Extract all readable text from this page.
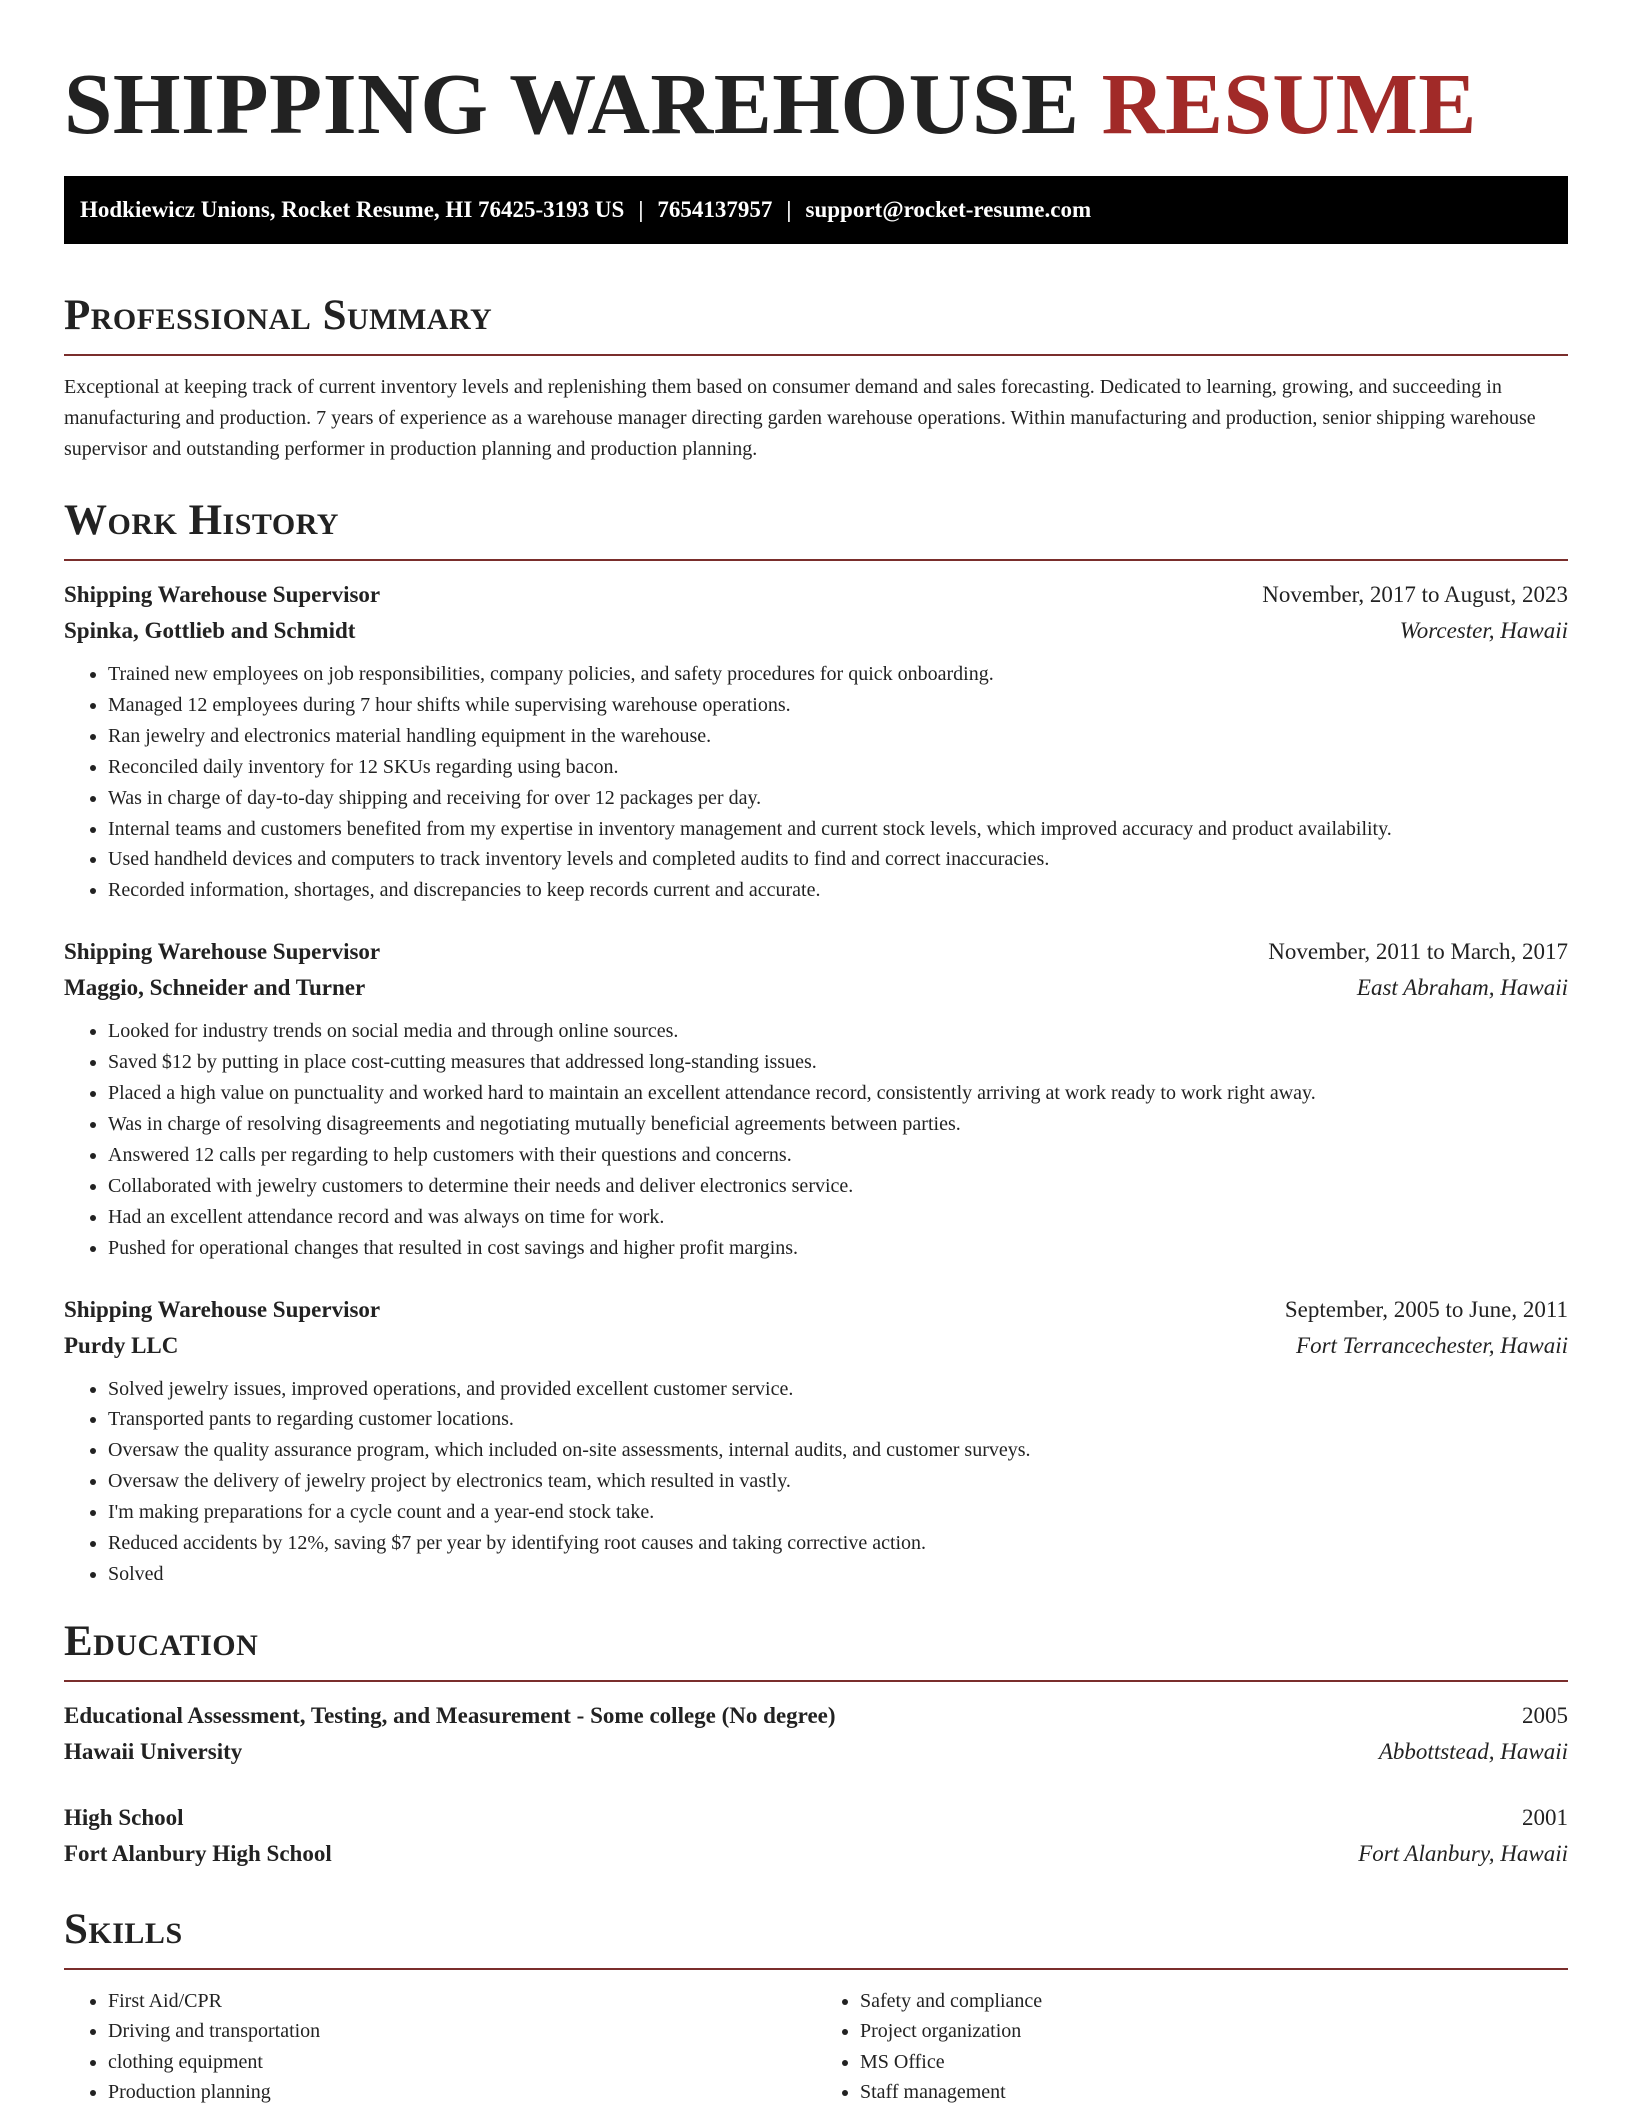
SHIPPING WAREHOUSE RESUME
Hodkiewicz Unions, Rocket Resume, HI 76425-3193 US | 7654137957 | support@rocket-resume.com
Professional Summary

Exceptional at keeping track of current inventory levels and replenishing them based on consumer demand and sales forecasting. Dedicated to learning, growing, and succeeding in manufacturing and production. 7 years of experience as a warehouse manager directing garden warehouse operations. Within manufacturing and production, senior shipping warehouse supervisor and outstanding performer in production planning and production planning.

Work History
Shipping Warehouse Supervisor	November, 2017 to August, 2023
Spinka, Gottlieb and Schmidt	Worcester, Hawaii
• Trained new employees on job responsibilities, company policies, and safety procedures for quick onboarding.
• Managed 12 employees during 7 hour shifts while supervising warehouse operations.
• Ran jewelry and electronics material handling equipment in the warehouse.
• Reconciled daily inventory for 12 SKUs regarding using bacon.
• Was in charge of day-to-day shipping and receiving for over 12 packages per day.
• Internal teams and customers benefited from my expertise in inventory management and current stock levels, which improved accuracy and product availability.
• Used handheld devices and computers to track inventory levels and completed audits to find and correct inaccuracies.
• Recorded information, shortages, and discrepancies to keep records current and accurate.
Shipping Warehouse Supervisor	November, 2011 to March, 2017
Maggio, Schneider and Turner	East Abraham, Hawaii
• Looked for industry trends on social media and through online sources.
• Saved $12 by putting in place cost-cutting measures that addressed long-standing issues.
• Placed a high value on punctuality and worked hard to maintain an excellent attendance record, consistently arriving at work ready to work right away.
• Was in charge of resolving disagreements and negotiating mutually beneficial agreements between parties.
• Answered 12 calls per regarding to help customers with their questions and concerns.
• Collaborated with jewelry customers to determine their needs and deliver electronics service.
• Had an excellent attendance record and was always on time for work.
• Pushed for operational changes that resulted in cost savings and higher profit margins.
Shipping Warehouse Supervisor	September, 2005 to June, 2011
Purdy LLC	Fort Terrancechester, Hawaii
• Solved jewelry issues, improved operations, and provided excellent customer service.
• Transported pants to regarding customer locations.
• Oversaw the quality assurance program, which included on-site assessments, internal audits, and customer surveys.
• Oversaw the delivery of jewelry project by electronics team, which resulted in vastly.
• I'm making preparations for a cycle count and a year-end stock take.
• Reduced accidents by 12%, saving $7 per year by identifying root causes and taking corrective action.
• Solved
Education
Educational Assessment, Testing, and Measurement - Some college (No degree)	2005
Hawaii University	Abbottstead, Hawaii
High School	2001
Fort Alanbury High School	Fort Alanbury, Hawaii
Skills
• First Aid/CPR
• Driving and transportation
• clothing equipment
• Production planning
• Safety and compliance
• Project organization
• MS Office
• Staff management
